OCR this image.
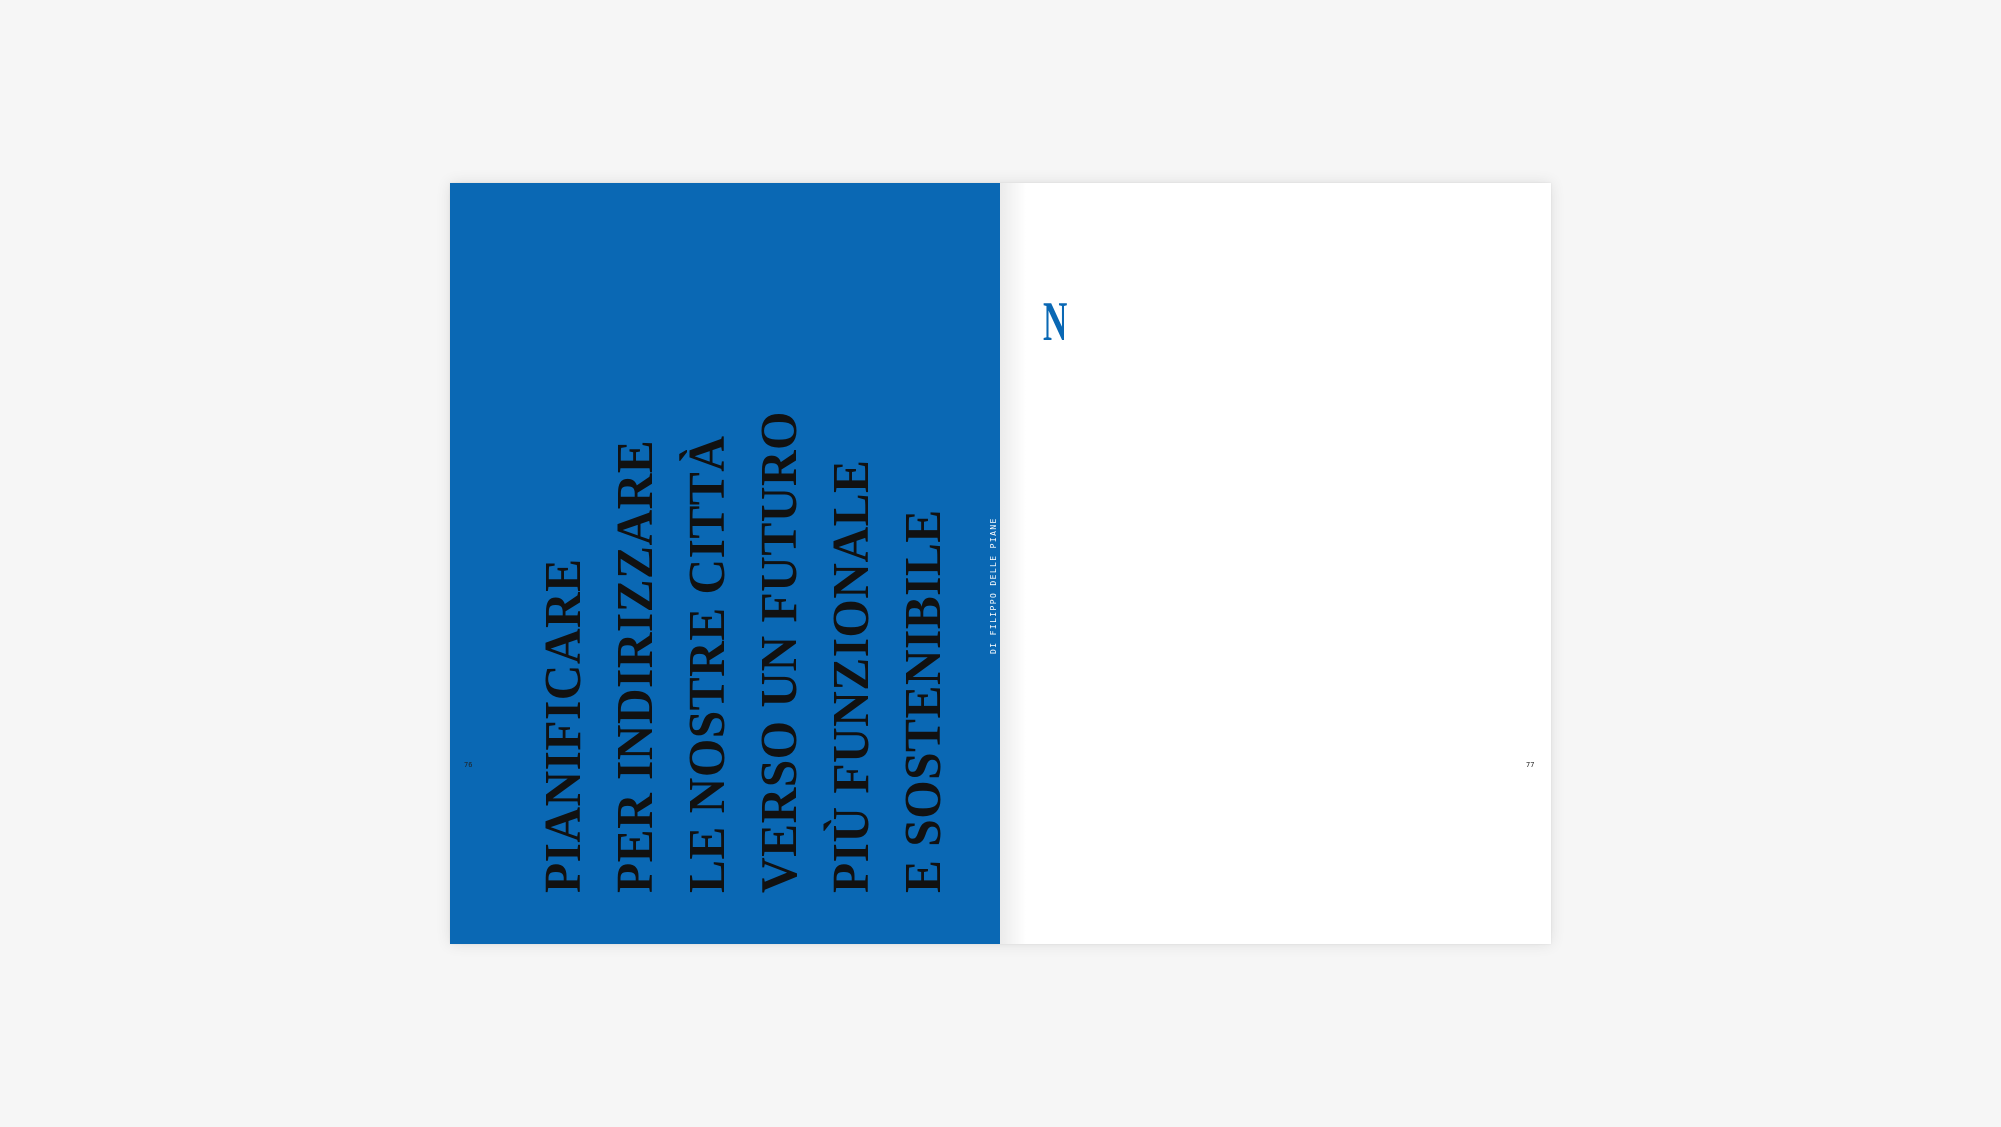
PIANIFICARE PER INDIRIZZARE LE NOSTRE CITTÀ VERSO UN FUTURO PIÙ FUNZIONALE E SOSTENIBILE	DI FILIPPO DELLE PIANE
76
N
77
